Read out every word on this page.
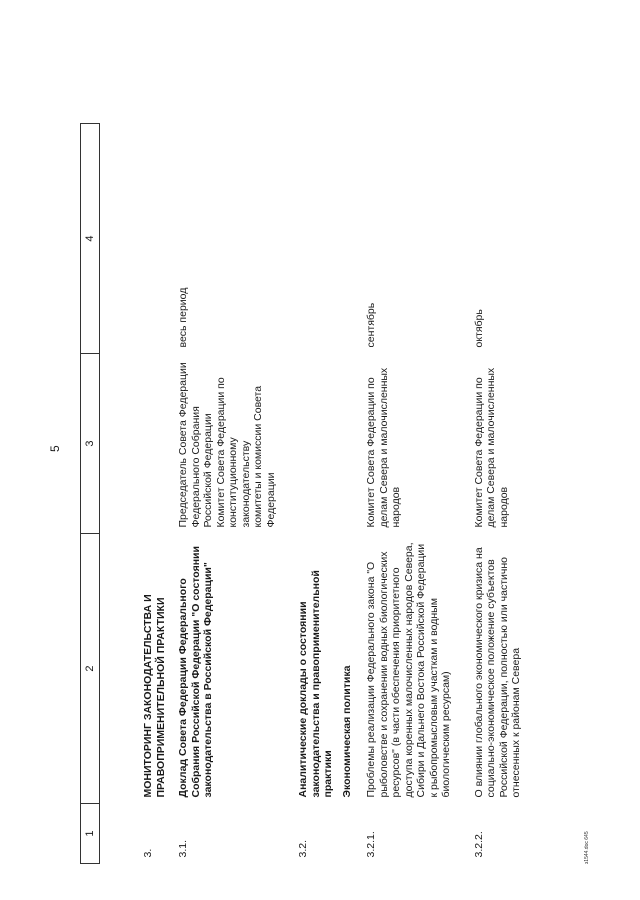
5
1	2	3	4
3.	МОНИТОРИНГ ЗАКОНОДАТЕЛЬСТВА И ПРАВОПРИМЕНИТЕЛЬНОЙ ПРАКТИКИ		
3.1.	Доклад Совета Федерации Федерального Собрания Российской Федерации "О состоянии законодательства в Российской Федерации"	Председатель Совета Федерации Федерального Собрания Российской Федерации
Комитет Совета Федерации по конституционному законодательству
комитеты и комиссии Совета Федерации	весь период
3.2.	Аналитические доклады о состоянии законодательства и правоприменительной практики		
	Экономическая политика		
3.2.1.	Проблемы реализации Федерального закона "О рыболовстве и сохранении водных биологических ресурсов" (в части обеспечения приоритетного доступа коренных малочисленных народов Севера, Сибири и Дальнего Востока Российской Федерации к рыбопромысловым участкам и водным биологическим ресурсам)	Комитет Совета Федерации по делам Севера и малочисленных народов	сентябрь
3.2.2.	О влиянии глобального экономического кризиса на социально-экономическое положение субъектов Российской Федерации, полностью или частично отнесенных к районам Севера	Комитет Совета Федерации по делам Севера и малочисленных народов	октябрь
ɜ1544.doc 645
